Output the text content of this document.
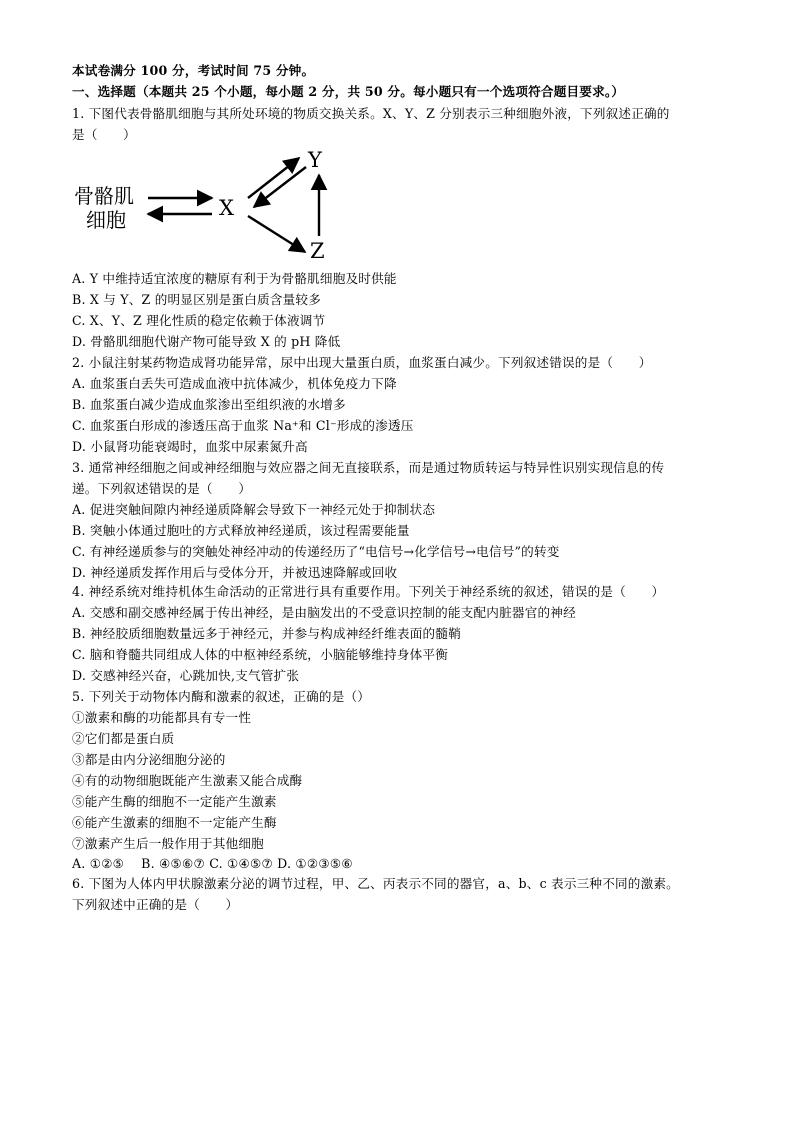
本试卷满分 100 分，考试时间 75 分钟。
一、选择题（本题共 25 个小题，每小题 2 分，共 50 分。每小题只有一个选项符合题目要求。）
1. 下图代表骨骼肌细胞与其所处环境的物质交换关系。X、Y、Z 分别表示三种细胞外液，下列叙述正确的
是（　　）
骨骼肌
细胞	X
Y
Z
A. Y 中维持适宜浓度的糖原有利于为骨骼肌细胞及时供能
B. X 与 Y、Z 的明显区别是蛋白质含量较多
C. X、Y、Z 理化性质的稳定依赖于体液调节
D. 骨骼肌细胞代谢产物可能导致 X 的 pH 降低
2. 小鼠注射某药物造成肾功能异常，尿中出现大量蛋白质，血浆蛋白减少。下列叙述错误的是（　　）
A. 血浆蛋白丢失可造成血液中抗体减少，机体免疫力下降
B. 血浆蛋白减少造成血浆渗出至组织液的水增多
C. 血浆蛋白形成的渗透压高于血浆 Na⁺和 Cl⁻形成的渗透压
D. 小鼠肾功能衰竭时，血浆中尿素氮升高
3. 通常神经细胞之间或神经细胞与效应器之间无直接联系，而是通过物质转运与特异性识别实现信息的传
递。下列叙述错误的是（　　）
A. 促进突触间隙内神经递质降解会导致下一神经元处于抑制状态
B. 突触小体通过胞吐的方式释放神经递质，该过程需要能量
C. 有神经递质参与的突触处神经冲动的传递经历了“电信号→化学信号→电信号”的转变
D. 神经递质发挥作用后与受体分开，并被迅速降解或回收
4. 神经系统对维持机体生命活动的正常进行具有重要作用。下列关于神经系统的叙述，错误的是（　　）
A. 交感和副交感神经属于传出神经，是由脑发出的不受意识控制的能支配内脏器官的神经
B. 神经胶质细胞数量远多于神经元，并参与构成神经纤维表面的髓鞘
C. 脑和脊髓共同组成人体的中枢神经系统，小脑能够维持身体平衡
D. 交感神经兴奋，心跳加快,支气管扩张
5. 下列关于动物体内酶和激素的叙述，正确的是（）
①激素和酶的功能都具有专一性
②它们都是蛋白质
③都是由内分泌细胞分泌的
④有的动物细胞既能产生激素又能合成酶
⑤能产生酶的细胞不一定能产生激素
⑥能产生激素的细胞不一定能产生酶
⑦激素产生后一般作用于其他细胞
A. ①②⑤　 B. ④⑤⑥⑦ C. ①④⑤⑦ D. ①②③⑤⑥
6. 下图为人体内甲状腺激素分泌的调节过程，甲、乙、丙表示不同的器官，a、b、c 表示三种不同的激素。
下列叙述中正确的是（　　）
